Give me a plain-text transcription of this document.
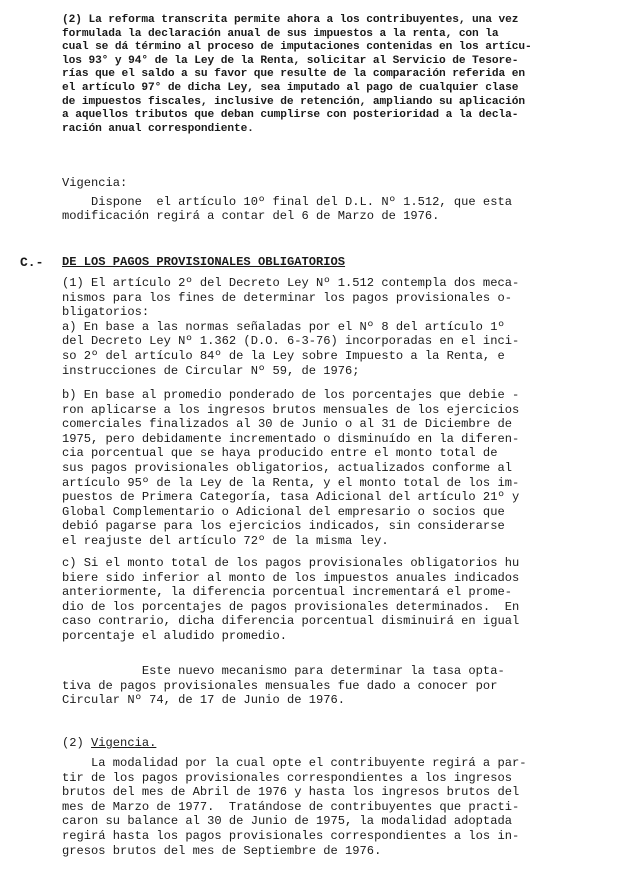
(2) La reforma transcrita permite ahora a los contribuyentes, una vez
formulada la declaración anual de sus impuestos a la renta, con la
cual se dá término al proceso de imputaciones contenidas en los artícu-
los 93° y 94° de la Ley de la Renta, solicitar al Servicio de Tesore-
rías que el saldo a su favor que resulte de la comparación referida en
el artículo 97° de dicha Ley, sea imputado al pago de cualquier clase
de impuestos fiscales, inclusive de retención, ampliando su aplicación
a aquellos tributos que deban cumplirse con posterioridad a la decla-
ración anual correspondiente.
Vigencia:
Dispone  el artículo 10º final del D.L. Nº 1.512, que esta
modificación regirá a contar del 6 de Marzo de 1976.
C.- DE LOS PAGOS PROVISIONALES OBLIGATORIOS
(1) El artículo 2º del Decreto Ley Nº 1.512 contempla dos meca-
nismos para los fines de determinar los pagos provisionales o-
bligatorios:
a) En base a las normas señaladas por el Nº 8 del artículo 1º
del Decreto Ley Nº 1.362 (D.O. 6-3-76) incorporadas en el inci-
so 2º del artículo 84º de la Ley sobre Impuesto a la Renta, e
instrucciones de Circular Nº 59, de 1976;
b) En base al promedio ponderado de los porcentajes que debie -
ron aplicarse a los ingresos brutos mensuales de los ejercicios
comerciales finalizados al 30 de Junio o al 31 de Diciembre de
1975, pero debidamente incrementado o disminuído en la diferen-
cia porcentual que se haya producido entre el monto total de
sus pagos provisionales obligatorios, actualizados conforme al
artículo 95º de la Ley de la Renta, y el monto total de los im-
puestos de Primera Categoría, tasa Adicional del artículo 21º y
Global Complementario o Adicional del empresario o socios que
debió pagarse para los ejercicios indicados, sin considerarse
el reajuste del artículo 72º de la misma ley.
c) Si el monto total de los pagos provisionales obligatorios hu
biere sido inferior al monto de los impuestos anuales indicados
anteriormente, la diferencia porcentual incrementará el prome-
dio de los porcentajes de pagos provisionales determinados.  En
caso contrario, dicha diferencia porcentual disminuirá en igual
porcentaje el aludido promedio.
Este nuevo mecanismo para determinar la tasa opta-
tiva de pagos provisionales mensuales fue dado a conocer por
Circular Nº 74, de 17 de Junio de 1976.
(2) Vigencia.
La modalidad por la cual opte el contribuyente regirá a par-
tir de los pagos provisionales correspondientes a los ingresos
brutos del mes de Abril de 1976 y hasta los ingresos brutos del
mes de Marzo de 1977.  Tratándose de contribuyentes que practi-
caron su balance al 30 de Junio de 1975, la modalidad adoptada
regirá hasta los pagos provisionales correspondientes a los in-
gresos brutos del mes de Septiembre de 1976.
